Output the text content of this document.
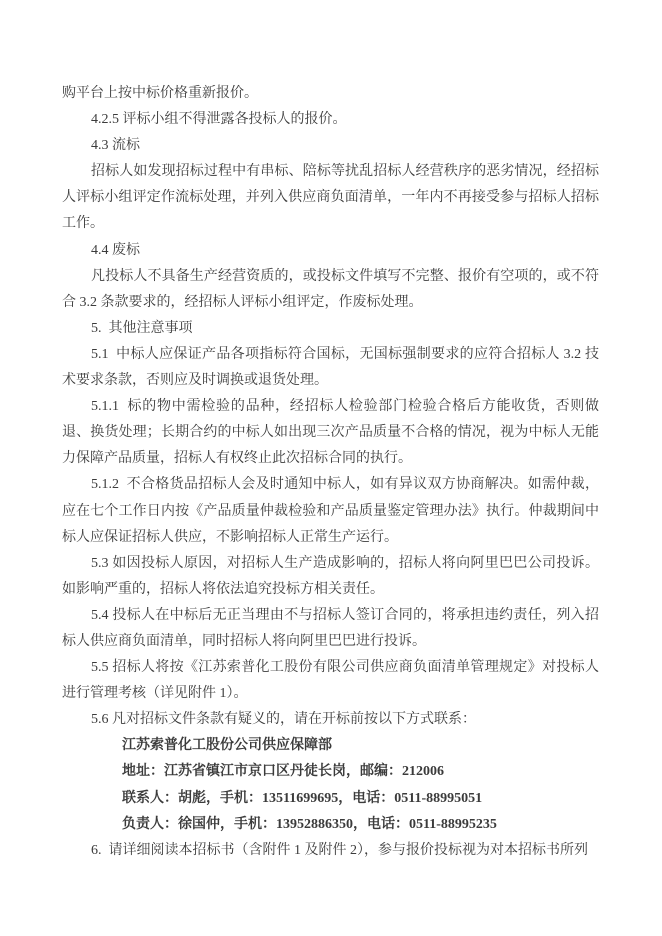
购平台上按中标价格重新报价。

4.2.5 评标小组不得泄露各投标人的报价。

4.3 流标

招标人如发现招标过程中有串标、陪标等扰乱招标人经营秩序的恶劣情况，经招标人评标小组评定作流标处理，并列入供应商负面清单，一年内不再接受参与招标人招标工作。

4.4 废标

凡投标人不具备生产经营资质的，或投标文件填写不完整、报价有空项的，或不符合 3.2 条款要求的，经招标人评标小组评定，作废标处理。

5.  其他注意事项

5.1  中标人应保证产品各项指标符合国标，无国标强制要求的应符合招标人 3.2 技术要求条款，否则应及时调换或退货处理。

5.1.1  标的物中需检验的品种，经招标人检验部门检验合格后方能收货，否则做退、换货处理；长期合约的中标人如出现三次产品质量不合格的情况，视为中标人无能力保障产品质量，招标人有权终止此次招标合同的执行。

5.1.2  不合格货品招标人会及时通知中标人，如有异议双方协商解决。如需仲裁，应在七个工作日内按《产品质量仲裁检验和产品质量鉴定管理办法》执行。仲裁期间中标人应保证招标人供应，不影响招标人正常生产运行。

5.3 如因投标人原因，对招标人生产造成影响的，招标人将向阿里巴巴公司投诉。如影响严重的，招标人将依法追究投标方相关责任。

5.4 投标人在中标后无正当理由不与招标人签订合同的，将承担违约责任，列入招标人供应商负面清单，同时招标人将向阿里巴巴进行投诉。

5.5 招标人将按《江苏索普化工股份有限公司供应商负面清单管理规定》对投标人进行管理考核（详见附件 1）。

5.6 凡对招标文件条款有疑义的，请在开标前按以下方式联系：

江苏索普化工股份公司供应保障部

地址：江苏省镇江市京口区丹徒长岗，邮编：212006

联系人：胡彪，手机：13511699695，电话：0511-88995051

负责人：徐国仲，手机：13952886350，电话：0511-88995235

6.  请详细阅读本招标书（含附件 1 及附件 2），参与报价投标视为对本招标书所列
